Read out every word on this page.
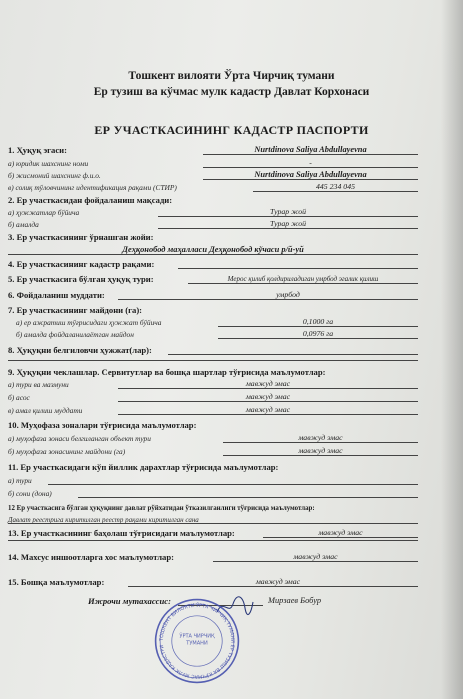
Тошкент вилояти Ўрта Чирчиқ тумани
Ер тузиш ва кўчмас мулк кадастр Давлат Корхонаси
ЕР УЧАСТКАСИНИНГ КАДАСТР ПАСПОРТИ
1. Ҳуқуқ эгаси:	Nurtdinova Saliya Abdullayevna
а) юридик шахснинг номи	-
б) жисмоний шахснинг ф.и.о.	Nurtdinova Saliya Abdullayevna
в) солиқ тўловчининг идентификация рақами (СТИР)	445 234 045
2. Ер участкасидан фойдаланиш мақсади:
а) ҳужжатлар бўйича	Турар жой
б) амалда	Турар жой
3. Ер участкасининг ўрнашган жойи:
Деҳқонобод маҳалласи Деҳқонобод кўчаси р/й-уй
4. Ер участкасининг кадастр рақами:
5. Ер участкасига бўлган ҳуқуқ тури:	Мерос қилиб қолдириладиган умрбод эгалик қилиш
6. Фойдаланиш муддати:	умрбод
7. Ер участкасининг майдони (га):
а) ер ажратиш тўғрисидаги ҳужжат бўйича	0,1000 га
б) амалда фойдаланилаётган майдон	0,0976 га
8. Ҳуқуқни белгиловчи ҳужжат(лар):
9. Ҳуқуқни чеклашлар. Сервитутлар ва бошқа шартлар тўғрисида маълумотлар:
а) тури ва мазмуни	мавжуд эмас
б) асос	мавжуд эмас
в) амал қилиш муддати	мавжуд эмас
10. Муҳофаза зоналари тўғрисида маълумотлар:
а) муҳофаза зонаси белгиланган объект тури	мавжуд эмас
б) муҳофаза зонасининг майдони (га)	мавжуд эмас
11. Ер участкасидаги кўп йиллик дарахтлар тўғрисида маълумотлар:
а) тури
б) сони (дона)
12 Ер участкасига бўлган ҳуқуқнинг давлат рўйхатидан ўтказилганлиги тўғрисида маълумотлар:
Давлат реестрига киритилган реестр рақами киритилган сана
13. Ер участкасининг баҳолаш тўғрисидаги маълумотлар:	мавжуд эмас
14. Махсус иншоотларга хос маълумотлар:	мавжуд эмас
15. Бошқа маълумотлар:	мавжуд эмас
Ижрочи мутахассис:	Мирзаев Бобур
ТОШКЕНТ ВИЛОЯТИ ЎРТА ЧИРЧИҚ ТУМАНИ ЕР ТУЗИШ ВА КЎЧМАС МУЛК КАДАСТРИ
ЎРТА ЧИРЧИҚ
ТУМАНИ
